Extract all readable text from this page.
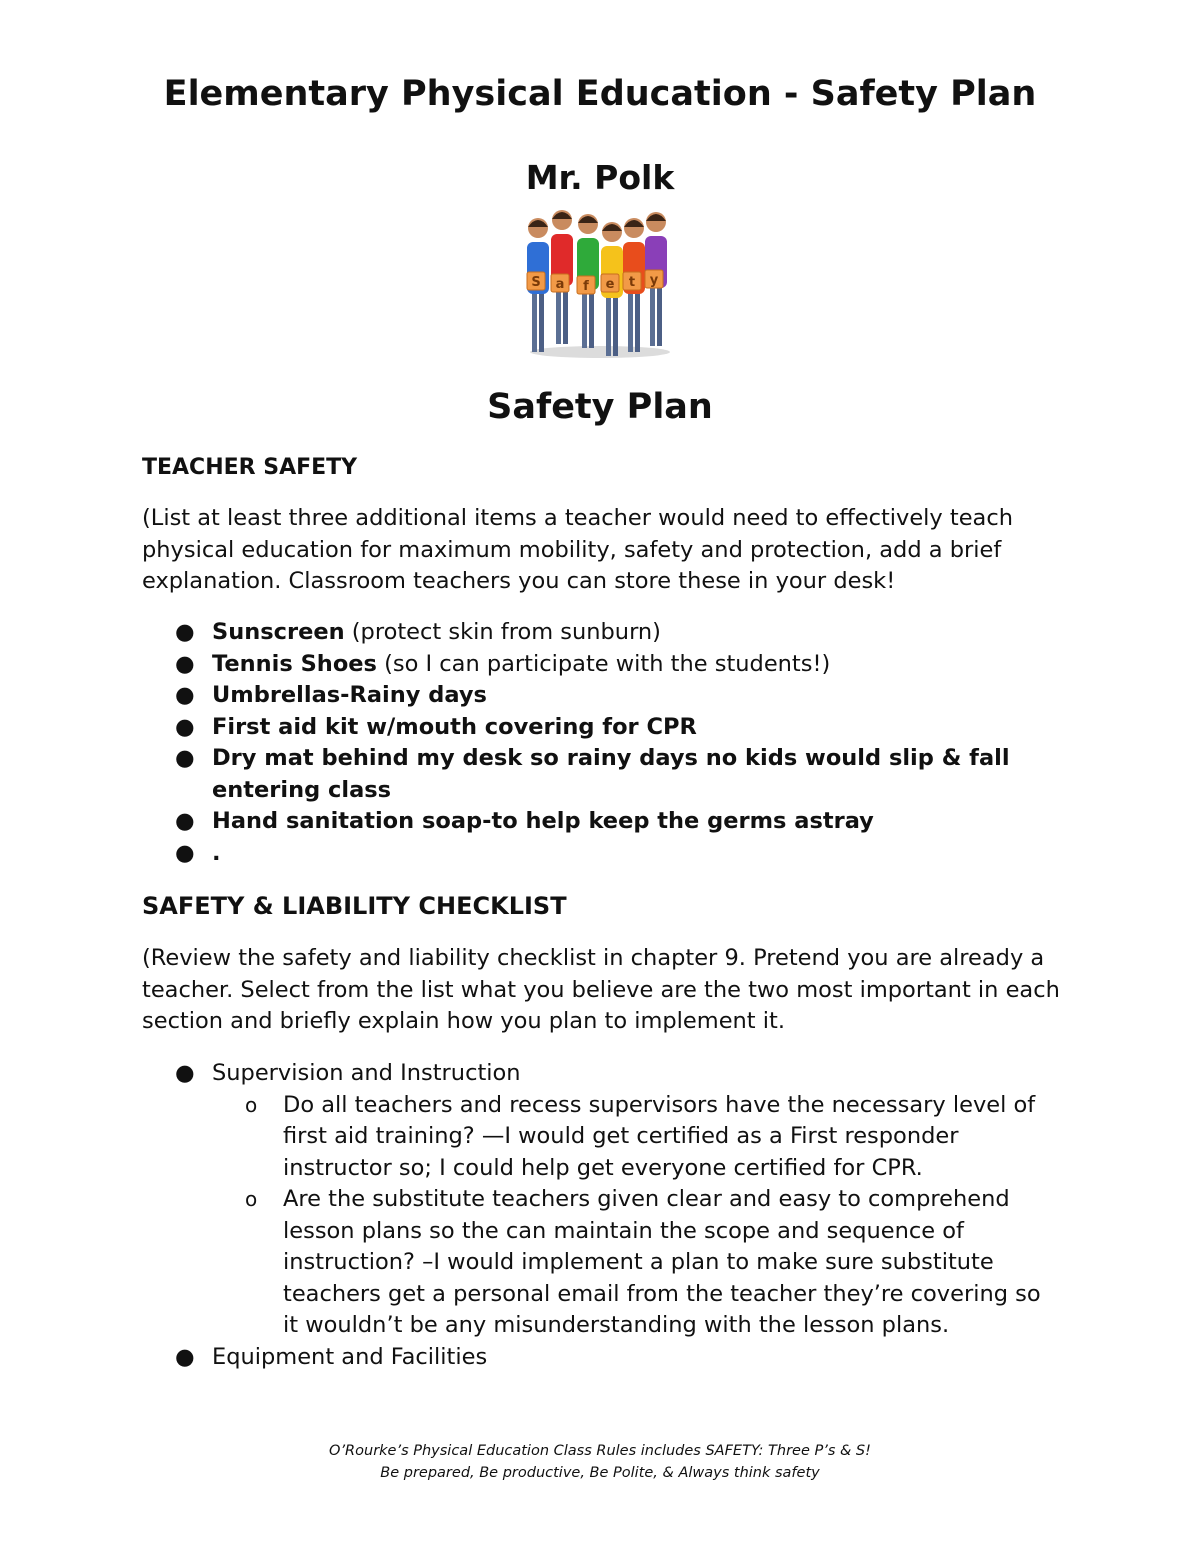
Elementary Physical Education - Safety Plan
Mr. Polk
S a f e t y
Safety Plan
TEACHER SAFETY

(List at least three additional items a teacher would need to effectively teach physical education for maximum mobility, safety and protection, add a brief explanation. Classroom teachers you can store these in your desk!

● Sunscreen (protect skin from sunburn)
● Tennis Shoes (so I can participate with the students!)
● Umbrellas-Rainy days
● First aid kit w/mouth covering for CPR
● Dry mat behind my desk so rainy days no kids would slip & fall entering class
● Hand sanitation soap-to help keep the germs astray
● .
SAFETY & LIABILITY CHECKLIST

(Review the safety and liability checklist in chapter 9. Pretend you are already a teacher. Select from the list what you believe are the two most important in each section and briefly explain how you plan to implement it.

● Supervision and Instruction
o Do all teachers and recess supervisors have the necessary level of first aid training? —I would get certified as a First responder instructor so; I could help get everyone certified for CPR.
o Are the substitute teachers given clear and easy to comprehend lesson plans so the can maintain the scope and sequence of instruction? –I would implement a plan to make sure substitute teachers get a personal email from the teacher they’re covering so it wouldn’t be any misunderstanding with the lesson plans.
● Equipment and Facilities

O’Rourke’s Physical Education Class Rules includes SAFETY: Three P’s & S!

Be prepared, Be productive, Be Polite, & Always think safety
